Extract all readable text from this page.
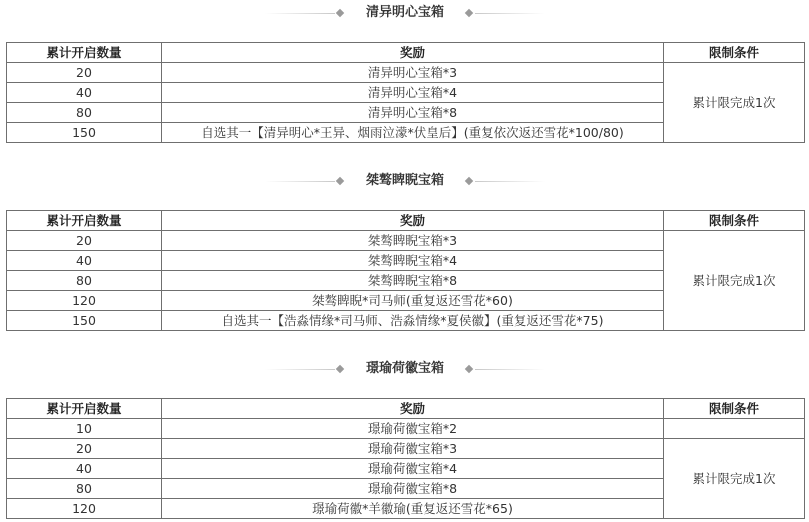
清异明心宝箱
累计开启数量	奖励	限制条件
20	清异明心宝箱*3	累计限完成1次
40	清异明心宝箱*4	
80	清异明心宝箱*8	
150	自选其一【清异明心*王异、烟雨泣濛*伏皇后】(重复依次返还雪花*100/80)	
桀骜睥睨宝箱
累计开启数量	奖励	限制条件
20	桀骜睥睨宝箱*3	累计限完成1次
40	桀骜睥睨宝箱*4	
80	桀骜睥睨宝箱*8	
120	桀骜睥睨*司马师(重复返还雪花*60)	
150	自选其一【浩淼情缘*司马师、浩淼情缘*夏侯徽】(重复返还雪花*75)	
璟瑜荷徽宝箱
累计开启数量	奖励	限制条件
10	璟瑜荷徽宝箱*2	
20	璟瑜荷徽宝箱*3	累计限完成1次
40	璟瑜荷徽宝箱*4	
80	璟瑜荷徽宝箱*8	
120	璟瑜荷徽*羊徽瑜(重复返还雪花*65)	
